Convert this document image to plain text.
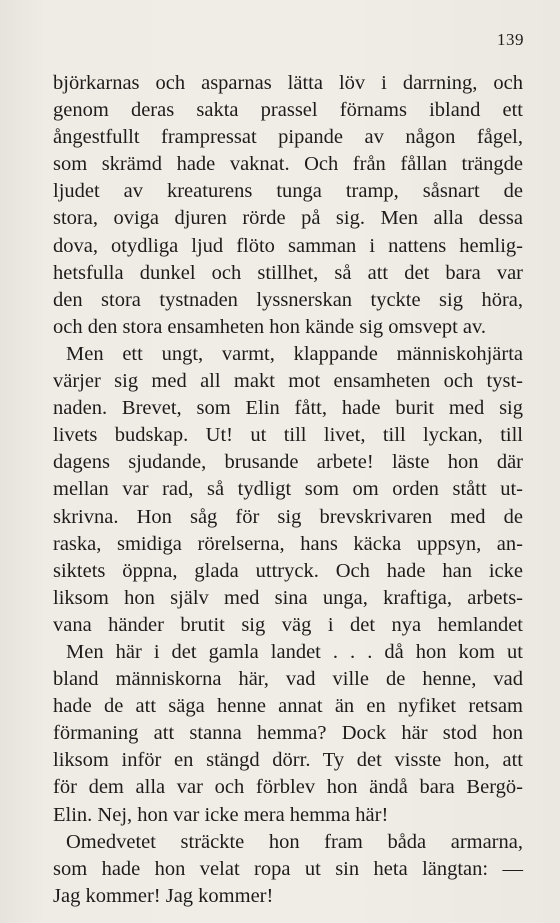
139
björkarnas och asparnas lätta löv i darrning, och
genom deras sakta prassel förnams ibland ett
ångestfullt frampressat pipande av någon fågel,
som skrämd hade vaknat. Och från fållan trängde
ljudet av kreaturens tunga tramp, såsnart de
stora, oviga djuren rörde på sig. Men alla dessa
dova, otydliga ljud flöto samman i nattens hemlig-
hetsfulla dunkel och stillhet, så att det bara var
den stora tystnaden lyssnerskan tyckte sig höra,
och den stora ensamheten hon kände sig omsvept av.
Men ett ungt, varmt, klappande människohjärta
värjer sig med all makt mot ensamheten och tyst-
naden. Brevet, som Elin fått, hade burit med sig
livets budskap. Ut! ut till livet, till lyckan, till
dagens sjudande, brusande arbete! läste hon där
mellan var rad, så tydligt som om orden stått ut-
skrivna. Hon såg för sig brevskrivaren med de
raska, smidiga rörelserna, hans käcka uppsyn, an-
siktets öppna, glada uttryck. Och hade han icke
liksom hon själv med sina unga, kraftiga, arbets-
vana händer brutit sig väg i det nya hemlandet
Men här i det gamla landet . . . då hon kom ut
bland människorna här, vad ville de henne, vad
hade de att säga henne annat än en nyfiket retsam
förmaning att stanna hemma? Dock här stod hon
liksom inför en stängd dörr. Ty det visste hon, att
för dem alla var och förblev hon ändå bara Bergö-
Elin. Nej, hon var icke mera hemma här!
Omedvetet sträckte hon fram båda armarna,
som hade hon velat ropa ut sin heta längtan: —
Jag kommer! Jag kommer!
